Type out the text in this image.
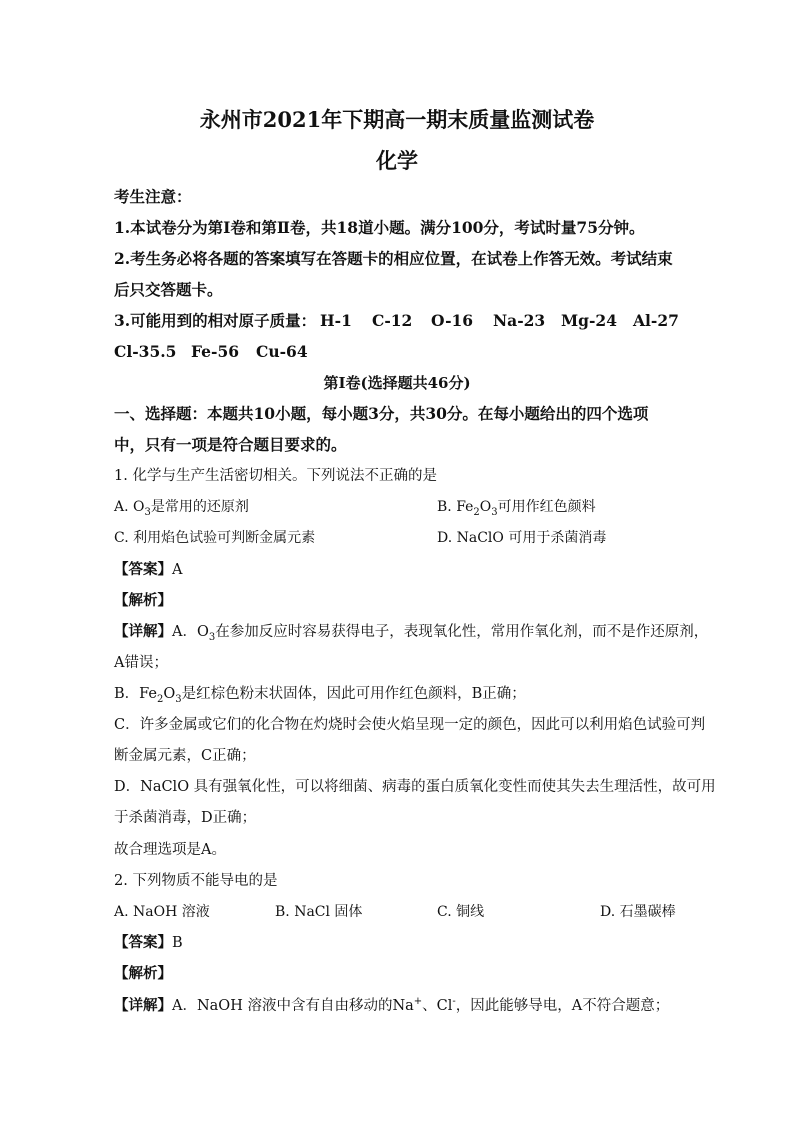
永州市2021年下期高一期末质量监测试卷
化学
考生注意：
1.本试卷分为第Ⅰ卷和第Ⅱ卷，共18道小题。满分100分，考试时量75分钟。
2.考生务必将各题的答案填写在答题卡的相应位置，在试卷上作答无效。考试结束
后只交答题卡。
3.可能用到的相对原子质量： H-1 C-12 O-16 Na-23 Mg-24 Al-27
Cl-35.5 Fe-56 Cu-64
第Ⅰ卷(选择题共46分)
一、选择题：本题共10小题，每小题3分，共30分。在每小题给出的四个选项
中，只有一项是符合题目要求的。
1. 化学与生产生活密切相关。下列说法不正确的是
A. $O_3$是常用的还原剂	B. $Fe_2O_3$可用作红色颜料
C. 利用焰色试验可判断金属元素	D. NaClO 可用于杀菌消毒
【答案】A
【解析】
【详解】A．$O_3$在参加反应时容易获得电子，表现氧化性，常用作氧化剂，而不是作还原剂，
A错误；
B．$Fe_2O_3$是红棕色粉末状固体，因此可用作红色颜料，B正确；
C．许多金属或它们的化合物在灼烧时会使火焰呈现一定的颜色，因此可以利用焰色试验可判
断金属元素，C正确；
D．NaClO 具有强氧化性，可以将细菌、病毒的蛋白质氧化变性而使其失去生理活性，故可用
于杀菌消毒，D正确；
故合理选项是A。
2. 下列物质不能导电的是
A. NaOH 溶液	B. NaCl 固体	C. 铜线	D. 石墨碳棒
【答案】B
【解析】
【详解】A．NaOH 溶液中含有自由移动的Na+、Cl-，因此能够导电，A不符合题意；
